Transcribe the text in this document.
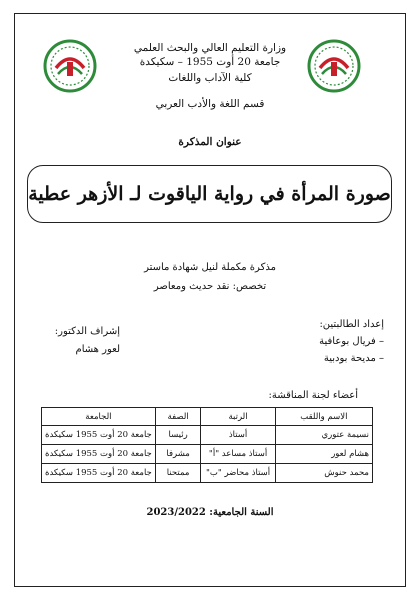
وزارة التعليم العالي والبحث العلمي
جامعة 20 أوت 1955 – سكيكدة
كلية الآداب واللغات
قسم اللغة والأدب العربي
عنوان المذكرة
صورة المرأة في رواية الياقوت لـ الأزهر عطية
مذكرة مكملة لنيل شهادة ماستر
تخصص: نقد حديث ومعاصر
إعداد الطالبتين:
– فريال بوعافية
– مديحة بودبية
إشراف الدكتور:
لعور هشام
أعضاء لجنة المناقشة:
الاسم واللقب	الرتبة	الصفة	الجامعة
نسيمة عتوري	أستاذ	رئيسا	جامعة 20 أوت 1955 سكيكدة
هشام لعور	أستاذ مساعد "أ"	مشرفا	جامعة 20 أوت 1955 سكيكدة
محمد حنوش	أستاذ محاضر "ب"	ممتحنا	جامعة 20 أوت 1955 سكيكدة
السنة الجامعية: 2023/2022
